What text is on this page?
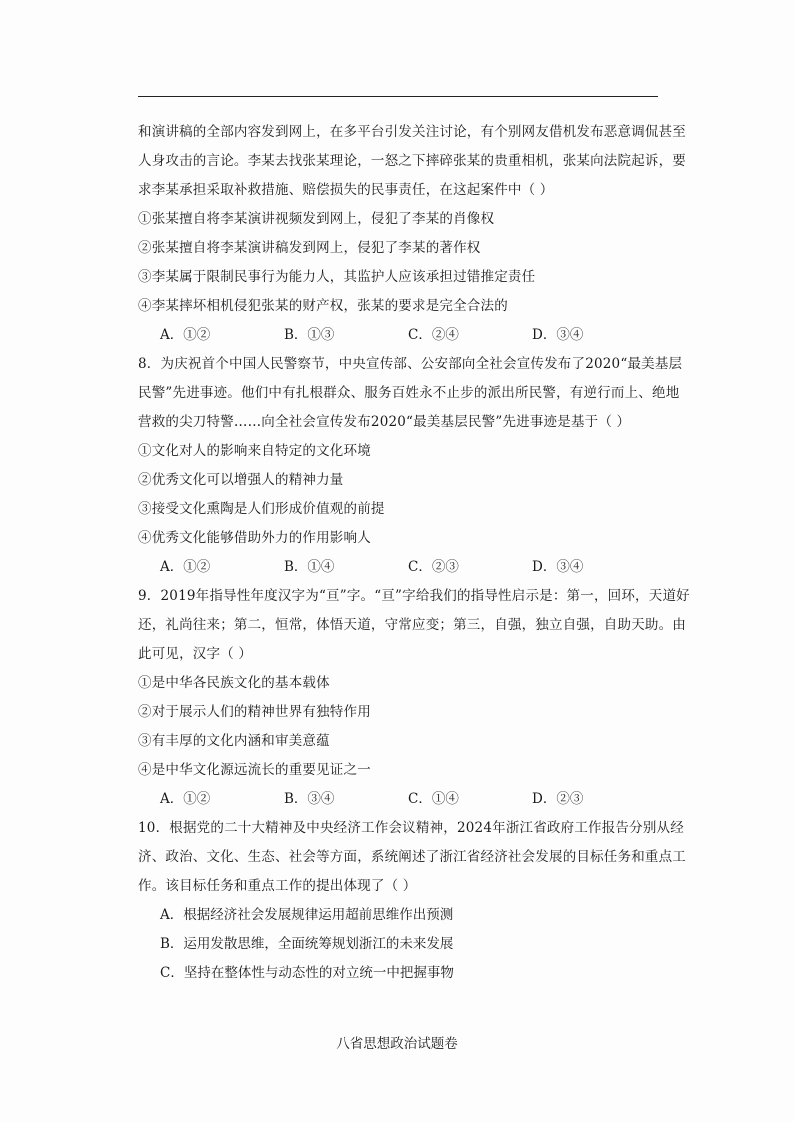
和演讲稿的全部内容发到网上，在多平台引发关注讨论，有个别网友借机发布恶意调侃甚至
人身攻击的言论。李某去找张某理论，一怒之下摔碎张某的贵重相机，张某向法院起诉，要
求李某承担采取补救措施、赔偿损失的民事责任，在这起案件中（ ）
①张某擅自将李某演讲视频发到网上，侵犯了李某的肖像权
②张某擅自将李某演讲稿发到网上，侵犯了李某的著作权
③李某属于限制民事行为能力人，其监护人应该承担过错推定责任
④李某摔坏相机侵犯张某的财产权，张某的要求是完全合法的
A．①②	B．①③	C．②④	D．③④
8．为庆祝首个中国人民警察节，中央宣传部、公安部向全社会宣传发布了2020“最美基层
民警”先进事迹。他们中有扎根群众、服务百姓永不止步的派出所民警，有逆行而上、绝地
营救的尖刀特警……向全社会宣传发布2020“最美基层民警”先进事迹是基于（ ）
①文化对人的影响来自特定的文化环境
②优秀文化可以增强人的精神力量
③接受文化熏陶是人们形成价值观的前提
④优秀文化能够借助外力的作用影响人
A．①②	B．①④	C．②③	D．③④
9．2019年指导性年度汉字为“亘”字。“亘”字给我们的指导性启示是：第一，回环，天道好
还，礼尚往来；第二，恒常，体悟天道，守常应变；第三，自强，独立自强，自助天助。由
此可见，汉字（ ）
①是中华各民族文化的基本载体
②对于展示人们的精神世界有独特作用
③有丰厚的文化内涵和审美意蕴
④是中华文化源远流长的重要见证之一
A．①②	B．③④	C．①④	D．②③
10．根据党的二十大精神及中央经济工作会议精神，2024年浙江省政府工作报告分别从经
济、政治、文化、生态、社会等方面，系统阐述了浙江省经济社会发展的目标任务和重点工
作。该目标任务和重点工作的提出体现了（ ）
A．根据经济社会发展规律运用超前思维作出预测
B．运用发散思维，全面统筹规划浙江的未来发展
C．坚持在整体性与动态性的对立统一中把握事物
八省思想政治试题卷
